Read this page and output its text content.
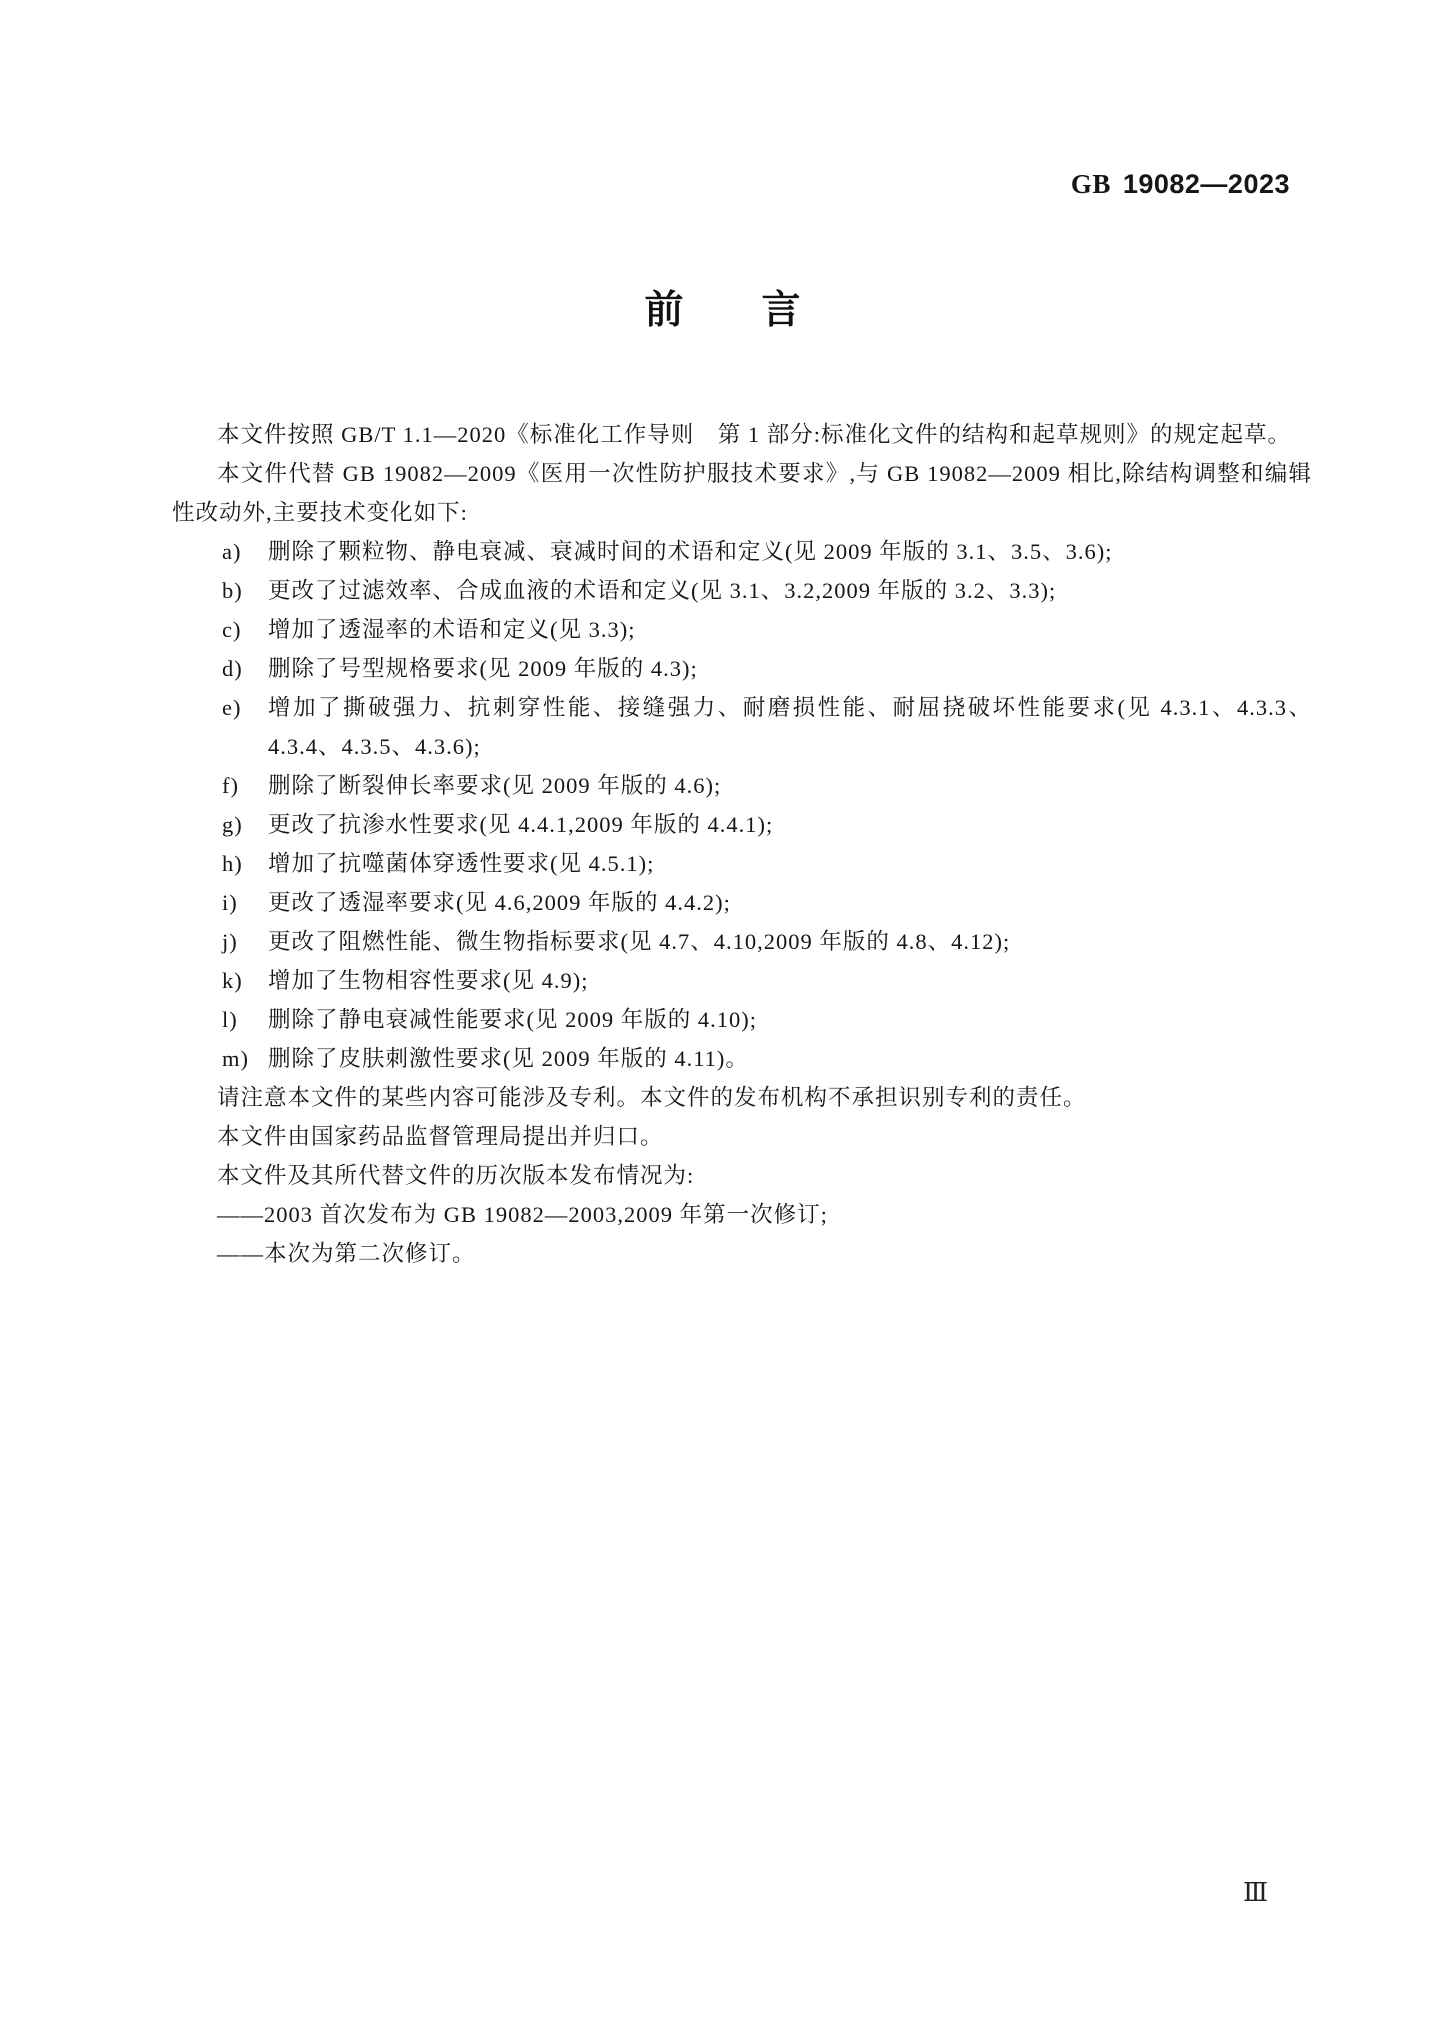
GB 19082—2023
前　　言

本文件按照 GB/T 1.1—2020《标准化工作导则　第 1 部分:标准化文件的结构和起草规则》的规定起草。

本文件代替 GB 19082—2009《医用一次性防护服技术要求》,与 GB 19082—2009 相比,除结构调整和编辑性改动外,主要技术变化如下:

a) 删除了颗粒物、静电衰减、衰减时间的术语和定义(见 2009 年版的 3.1、3.5、3.6);
b) 更改了过滤效率、合成血液的术语和定义(见 3.1、3.2,2009 年版的 3.2、3.3);
c) 增加了透湿率的术语和定义(见 3.3);
d) 删除了号型规格要求(见 2009 年版的 4.3);
e) 增加了撕破强力、抗刺穿性能、接缝强力、耐磨损性能、耐屈挠破坏性能要求(见 4.3.1、4.3.3、4.3.4、4.3.5、4.3.6);
f) 删除了断裂伸长率要求(见 2009 年版的 4.6);
g) 更改了抗渗水性要求(见 4.4.1,2009 年版的 4.4.1);
h) 增加了抗噬菌体穿透性要求(见 4.5.1);
i) 更改了透湿率要求(见 4.6,2009 年版的 4.4.2);
j) 更改了阻燃性能、微生物指标要求(见 4.7、4.10,2009 年版的 4.8、4.12);
k) 增加了生物相容性要求(见 4.9);
l) 删除了静电衰减性能要求(见 2009 年版的 4.10);
m) 删除了皮肤刺激性要求(见 2009 年版的 4.11)。

请注意本文件的某些内容可能涉及专利。本文件的发布机构不承担识别专利的责任。

本文件由国家药品监督管理局提出并归口。

本文件及其所代替文件的历次版本发布情况为:

——2003 首次发布为 GB 19082—2003,2009 年第一次修订;

——本次为第二次修订。

Ⅲ
